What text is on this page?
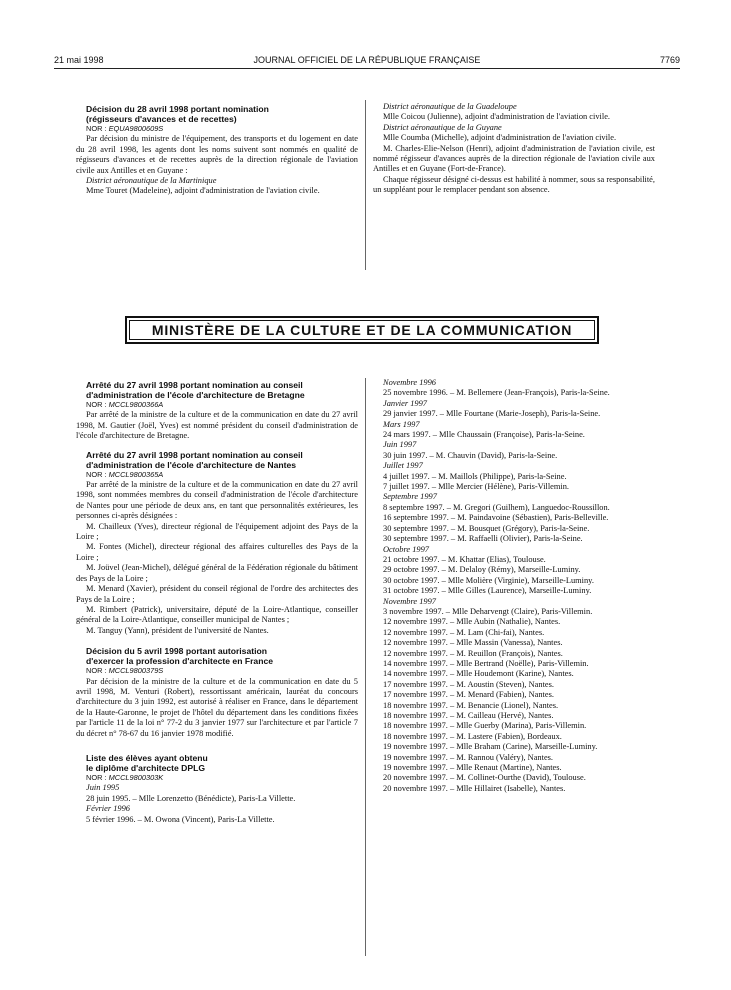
21 mai 1998	JOURNAL OFFICIEL DE LA RÉPUBLIQUE FRANÇAISE	7769

Décision du 28 avril 1998 portant nomination

(régisseurs d'avances et de recettes)

NOR : EQUA9800609S

Par décision du ministre de l'équipement, des transports et du logement en date du 28 avril 1998, les agents dont les noms suivent sont nommés en qualité de régisseurs d'avances et de recettes auprès de la direction régionale de l'aviation civile aux Antilles et en Guyane :

District aéronautique de la Martinique

Mme Touret (Madeleine), adjoint d'administration de l'aviation civile.

District aéronautique de la Guadeloupe

Mlle Coicou (Julienne), adjoint d'administration de l'aviation civile.

District aéronautique de la Guyane

Mlle Coumba (Michelle), adjoint d'administration de l'aviation civile.

M. Charles-Elie-Nelson (Henri), adjoint d'administration de l'aviation civile, est nommé régisseur d'avances auprès de la direction régionale de l'aviation civile aux Antilles et en Guyane (Fort-de-France).

Chaque régisseur désigné ci-dessus est habilité à nommer, sous sa responsabilité, un suppléant pour le remplacer pendant son absence.

MINISTÈRE DE LA CULTURE ET DE LA COMMUNICATION

Arrêté du 27 avril 1998 portant nomination au conseil

d'administration de l'école d'architecture de Bretagne

NOR : MCCL9800366A

Par arrêté de la ministre de la culture et de la communication en date du 27 avril 1998, M. Gautier (Joël, Yves) est nommé président du conseil d'administration de l'école d'architecture de Bretagne.

Arrêté du 27 avril 1998 portant nomination au conseil

d'administration de l'école d'architecture de Nantes

NOR : MCCL9800365A

Par arrêté de la ministre de la culture et de la communication en date du 27 avril 1998, sont nommées membres du conseil d'administration de l'école d'architecture de Nantes pour une période de deux ans, en tant que personnalités extérieures, les personnes ci-après désignées :

M. Chailleux (Yves), directeur régional de l'équipement adjoint des Pays de la Loire ;

M. Fontes (Michel), directeur régional des affaires culturelles des Pays de la Loire ;

M. Joüvel (Jean-Michel), délégué général de la Fédération régionale du bâtiment des Pays de la Loire ;

M. Menard (Xavier), président du conseil régional de l'ordre des architectes des Pays de la Loire ;

M. Rimbert (Patrick), universitaire, député de la Loire-Atlantique, conseiller général de la Loire-Atlantique, conseiller municipal de Nantes ;

M. Tanguy (Yann), président de l'université de Nantes.

Décision du 5 avril 1998 portant autorisation

d'exercer la profession d'architecte en France

NOR : MCCL9800379S

Par décision de la ministre de la culture et de la communication en date du 5 avril 1998, M. Venturi (Robert), ressortissant américain, lauréat du concours d'architecture du 3 juin 1992, est autorisé à réaliser en France, dans le département de la Haute-Garonne, le projet de l'hôtel du département dans les conditions fixées par l'article 11 de la loi n° 77-2 du 3 janvier 1977 sur l'architecture et par l'article 7 du décret n° 78-67 du 16 janvier 1978 modifié.

Liste des élèves ayant obtenu

le diplôme d'architecte DPLG

NOR : MCCL9800303K

Juin 1995

28 juin 1995. – Mlle Lorenzetto (Bénédicte), Paris-La Villette.

Février 1996

5 février 1996. – M. Owona (Vincent), Paris-La Villette.

Novembre 1996

25 novembre 1996. – M. Bellemere (Jean-François), Paris-la-Seine.

Janvier 1997

29 janvier 1997. – Mlle Fourtane (Marie-Joseph), Paris-la-Seine.

Mars 1997

24 mars 1997. – Mlle Chaussain (Françoise), Paris-la-Seine.

Juin 1997

30 juin 1997. – M. Chauvin (David), Paris-la-Seine.

Juillet 1997

4 juillet 1997. – M. Maillols (Philippe), Paris-la-Seine.

7 juillet 1997. – Mlle Mercier (Hélène), Paris-Villemin.

Septembre 1997

8 septembre 1997. – M. Gregori (Guilhem), Languedoc-Roussillon.

16 septembre 1997. – M. Paindavoine (Sébastien), Paris-Belleville.

30 septembre 1997. – M. Bousquet (Grégory), Paris-la-Seine.

30 septembre 1997. – M. Raffaelli (Olivier), Paris-la-Seine.

Octobre 1997

21 octobre 1997. – M. Khattar (Elias), Toulouse.

29 octobre 1997. – M. Delaloy (Rémy), Marseille-Luminy.

30 octobre 1997. – Mlle Molière (Virginie), Marseille-Luminy.

31 octobre 1997. – Mlle Gilles (Laurence), Marseille-Luminy.

Novembre 1997

3 novembre 1997. – Mlle Deharvengt (Claire), Paris-Villemin.

12 novembre 1997. – Mlle Aubin (Nathalie), Nantes.

12 novembre 1997. – M. Lam (Chi-fai), Nantes.

12 novembre 1997. – Mlle Massin (Vanessa), Nantes.

12 novembre 1997. – M. Reuillon (François), Nantes.

14 novembre 1997. – Mlle Bertrand (Noëlle), Paris-Villemin.

14 novembre 1997. – Mlle Houdemont (Karine), Nantes.

17 novembre 1997. – M. Aoustin (Steven), Nantes.

17 novembre 1997. – M. Menard (Fabien), Nantes.

18 novembre 1997. – M. Benancie (Lionel), Nantes.

18 novembre 1997. – M. Cailleau (Hervé), Nantes.

18 novembre 1997. – Mlle Guerby (Marina), Paris-Villemin.

18 novembre 1997. – M. Lastere (Fabien), Bordeaux.

19 novembre 1997. – Mlle Braham (Carine), Marseille-Luminy.

19 novembre 1997. – M. Rannou (Valéry), Nantes.

19 novembre 1997. – Mlle Renaut (Martine), Nantes.

20 novembre 1997. – M. Collinet-Ourthe (David), Toulouse.

20 novembre 1997. – Mlle Hillairet (Isabelle), Nantes.
